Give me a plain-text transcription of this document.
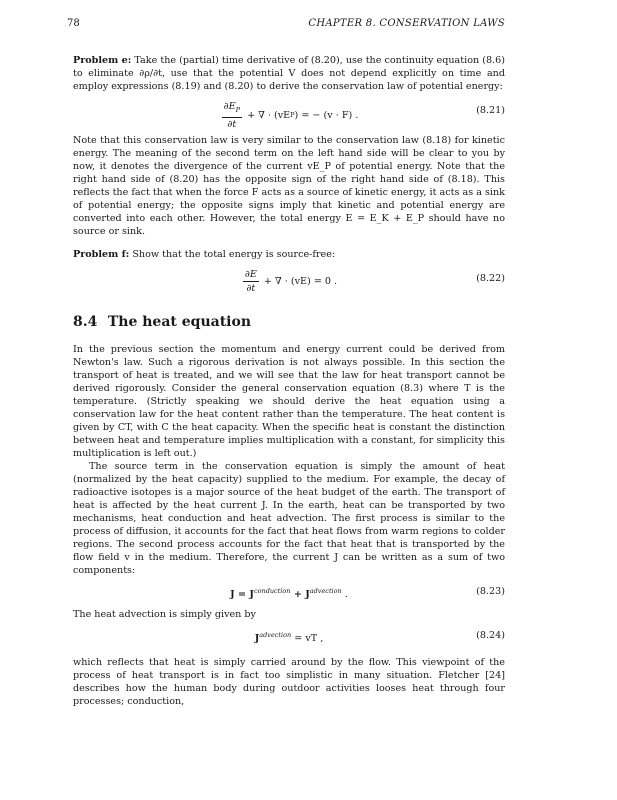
78	CHAPTER 8. CONSERVATION LAWS

Problem e: Take the (partial) time derivative of (8.20), use the continuity equation (8.6) to eliminate ∂ρ/∂t, use that the potential V does not depend explicitly on time and employ expressions (8.19) and (8.20) to derive the conservation law of potential energy:

$\frac{\partial E_P}{\partial t}$ + ∇ · (vEP) = − (v · F) .	(8.21)

Note that this conservation law is very similar to the conservation law (8.18) for kinetic energy. The meaning of the second term on the left hand side will be clear to you by now, it denotes the divergence of the current vE_P of potential energy. Note that the right hand side of (8.20) has the opposite sign of the right hand side of (8.18). This reflects the fact that when the force F acts as a source of kinetic energy, it acts as a sink of potential energy; the opposite signs imply that kinetic and potential energy are converted into each other. However, the total energy E = E_K + E_P should have no source or sink.

Problem f: Show that the total energy is source-free:

$\frac{\partial E}{\partial t}$ + ∇ · (vE) = 0 .	(8.22)
8.4 The heat equation

In the previous section the momentum and energy current could be derived from Newton's law. Such a rigorous derivation is not always possible. In this section the transport of heat is treated, and we will see that the law for heat transport cannot be derived rigorously. Consider the general conservation equation (8.3) where T is the temperature. (Strictly speaking we should derive the heat equation using a conservation law for the heat content rather than the temperature. The heat content is given by CT, with C the heat capacity. When the specific heat is constant the distinction between heat and temperature implies multiplication with a constant, for simplicity this multiplication is left out.)

The source term in the conservation equation is simply the amount of heat (normalized by the heat capacity) supplied to the medium. For example, the decay of radioactive isotopes is a major source of the heat budget of the earth. The transport of heat is affected by the heat current J. In the earth, heat can be transported by two mechanisms, heat conduction and heat advection. The first process is similar to the process of diffusion, it accounts for the fact that heat flows from warm regions to colder regions. The second process accounts for the fact that heat that is transported by the flow field v in the medium. Therefore, the current J can be written as a sum of two components:

$J = J^{conduction} + J^{advection}$ .	(8.23)

The heat advection is simply given by

$J^{advection}$ = vT ,	(8.24)

which reflects that heat is simply carried around by the flow. This viewpoint of the process of heat transport is in fact too simplistic in many situation. Fletcher [24] describes how the human body during outdoor activities looses heat through four processes; conduction,
